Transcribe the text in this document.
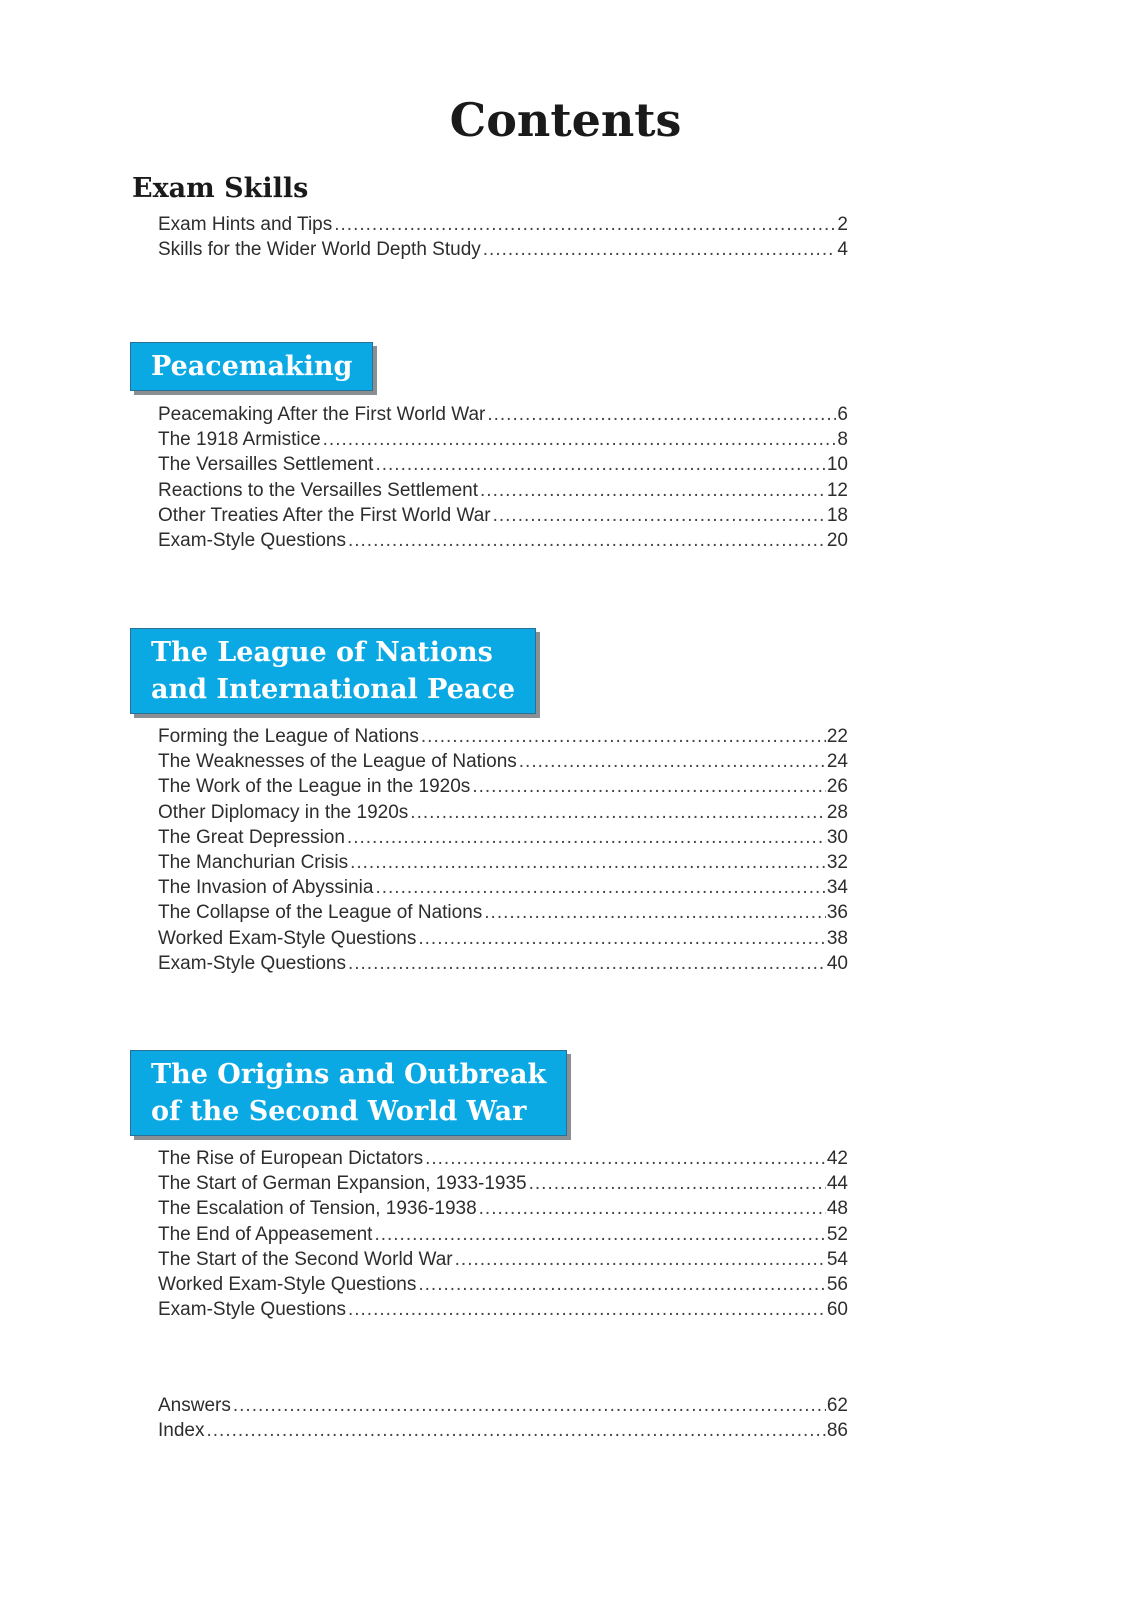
Contents
Exam Skills
Exam Hints and Tips .....	2
Skills for the Wider World Depth Study .....	4
Peacemaking
Peacemaking After the First World War .....	6
The 1918 Armistice .....	8
The Versailles Settlement .....	10
Reactions to the Versailles Settlement .....	12
Other Treaties After the First World War .....	18
Exam-Style Questions .....	20
The League of Nations
and International Peace
Forming the League of Nations .....	22
The Weaknesses of the League of Nations .....	24
The Work of the League in the 1920s .....	26
Other Diplomacy in the 1920s .....	28
The Great Depression .....	30
The Manchurian Crisis .....	32
The Invasion of Abyssinia .....	34
The Collapse of the League of Nations .....	36
Worked Exam-Style Questions .....	38
Exam-Style Questions .....	40
The Origins and Outbreak
of the Second World War
The Rise of European Dictators .....	42
The Start of German Expansion, 1933-1935 .....	44
The Escalation of Tension, 1936-1938 .....	48
The End of Appeasement .....	52
The Start of the Second World War .....	54
Worked Exam-Style Questions .....	56
Exam-Style Questions .....	60
Answers .....	62
Index .....	86
